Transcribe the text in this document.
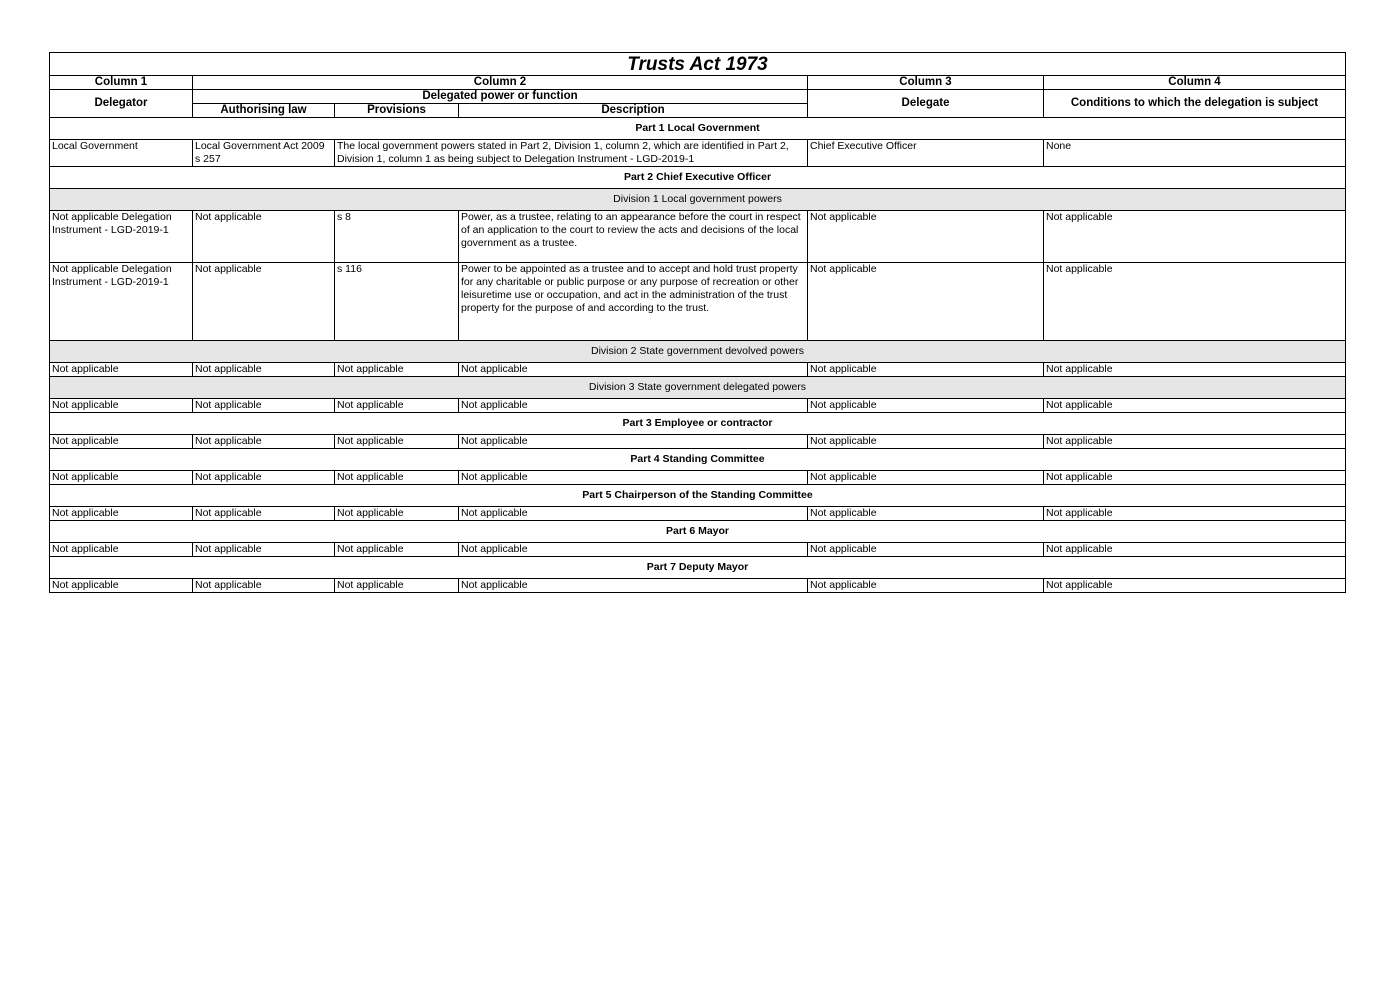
Trusts Act 1973					
Column 1	Column 2			Column 3	Column 4
Delegator	Delegated power or function			Delegate	Conditions to which the delegation is subject
	Authorising law	Provisions	Description		
Part 1 Local Government					
Local Government	Local Government Act 2009 s 257	The local government powers stated in Part 2, Division 1, column 2, which are identified in Part 2, Division 1, column 1 as being subject to Delegation Instrument - LGD-2019-1		Chief Executive Officer	None
Part 2 Chief Executive Officer					
Division 1 Local government powers					
Not applicable Delegation Instrument - LGD-2019-1	Not applicable	s 8	Power, as a trustee, relating to an appearance before the court in respect of an application to the court to review the acts and decisions of the local government as a trustee.	Not applicable	Not applicable
Not applicable Delegation Instrument - LGD-2019-1	Not applicable	s 116	Power to be appointed as a trustee and to accept and hold trust property for any charitable or public purpose or any purpose of recreation or other leisuretime use or occupation, and act in the administration of the trust property for the purpose of and according to the trust.	Not applicable	Not applicable
Division 2 State government devolved powers					
Not applicable	Not applicable	Not applicable	Not applicable	Not applicable	Not applicable
Division 3 State government delegated powers					
Not applicable	Not applicable	Not applicable	Not applicable	Not applicable	Not applicable
Part 3 Employee or contractor					
Not applicable	Not applicable	Not applicable	Not applicable	Not applicable	Not applicable
Part 4 Standing Committee					
Not applicable	Not applicable	Not applicable	Not applicable	Not applicable	Not applicable
Part 5 Chairperson of the Standing Committee					
Not applicable	Not applicable	Not applicable	Not applicable	Not applicable	Not applicable
Part 6 Mayor					
Not applicable	Not applicable	Not applicable	Not applicable	Not applicable	Not applicable
Part 7 Deputy Mayor					
Not applicable	Not applicable	Not applicable	Not applicable	Not applicable	Not applicable
